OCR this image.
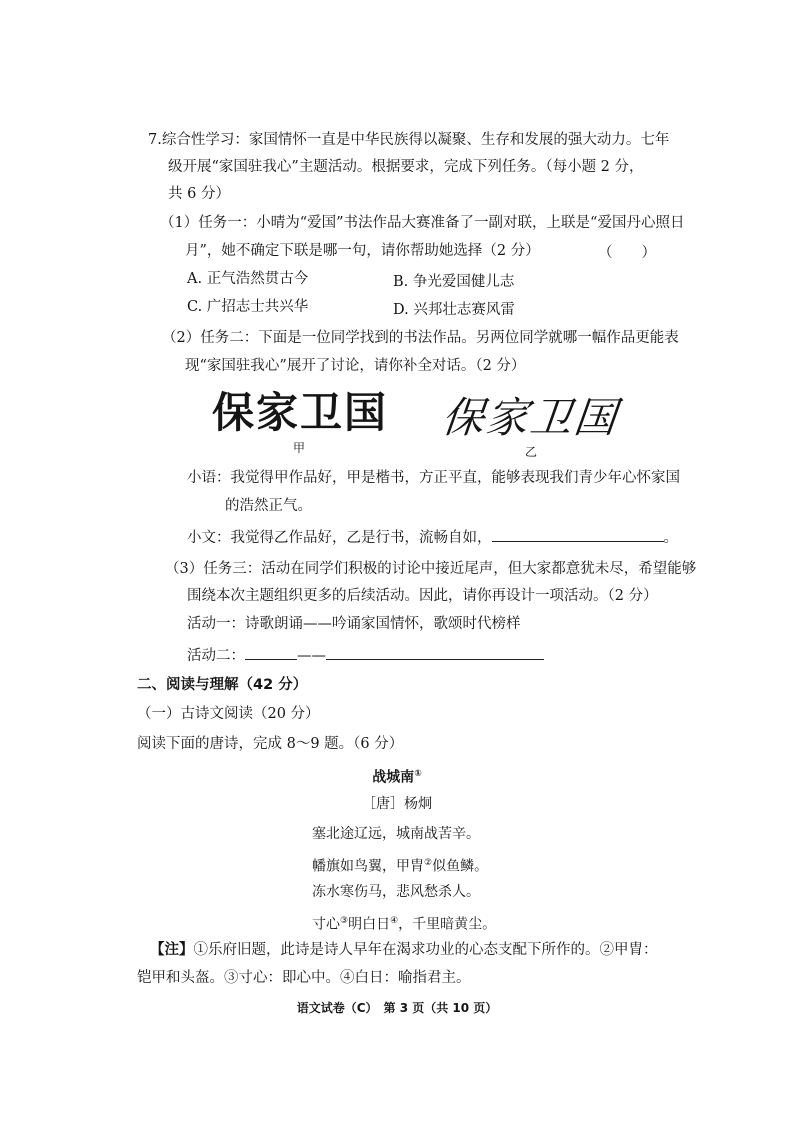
7.综合性学习：家国情怀一直是中华民族得以凝聚、生存和发展的强大动力。七年
级开展“家国驻我心”主题活动。根据要求，完成下列任务。（每小题 2 分，
共 6 分）
（1）任务一：小晴为“爱国”书法作品大赛准备了一副对联，上联是“爱国丹心照日
月”，她不确定下联是哪一句，请你帮助她选择（2 分）	（　　）
A. 正气浩然贯古今	B. 争光爱国健儿志
C. 广招志士共兴华	D. 兴邦壮志赛风雷
（2）任务二：下面是一位同学找到的书法作品。另两位同学就哪一幅作品更能表
现“家国驻我心”展开了讨论，请你补全对话。（2 分）
保家卫国 保家卫国
甲	乙
小语：我觉得甲作品好，甲是楷书，方正平直，能够表现我们青少年心怀家国
的浩然正气。
小文：我觉得乙作品好，乙是行书，流畅自如，	。
（3）任务三：活动在同学们积极的讨论中接近尾声，但大家都意犹未尽，希望能够
围绕本次主题组织更多的后续活动。因此，请你再设计一项活动。（2 分）
活动一：诗歌朗诵——吟诵家国情怀，歌颂时代榜样
活动二：	——
二、阅读与理解（42 分）
（一）古诗文阅读（20 分）
阅读下面的唐诗，完成 8～9 题。（6 分）
战城南①
［唐］杨炯
塞北途辽远，城南战苦辛。
幡旗如鸟翼，甲胄②似鱼鳞。
冻水寒伤马，悲风愁杀人。
寸心③明白日④，千里暗黄尘。
【注】①乐府旧题，此诗是诗人早年在渴求功业的心态支配下所作的。②甲胄：
铠甲和头盔。③寸心：即心中。④白日：喻指君主。
语文试卷（C）　第 3 页（共 10 页）
